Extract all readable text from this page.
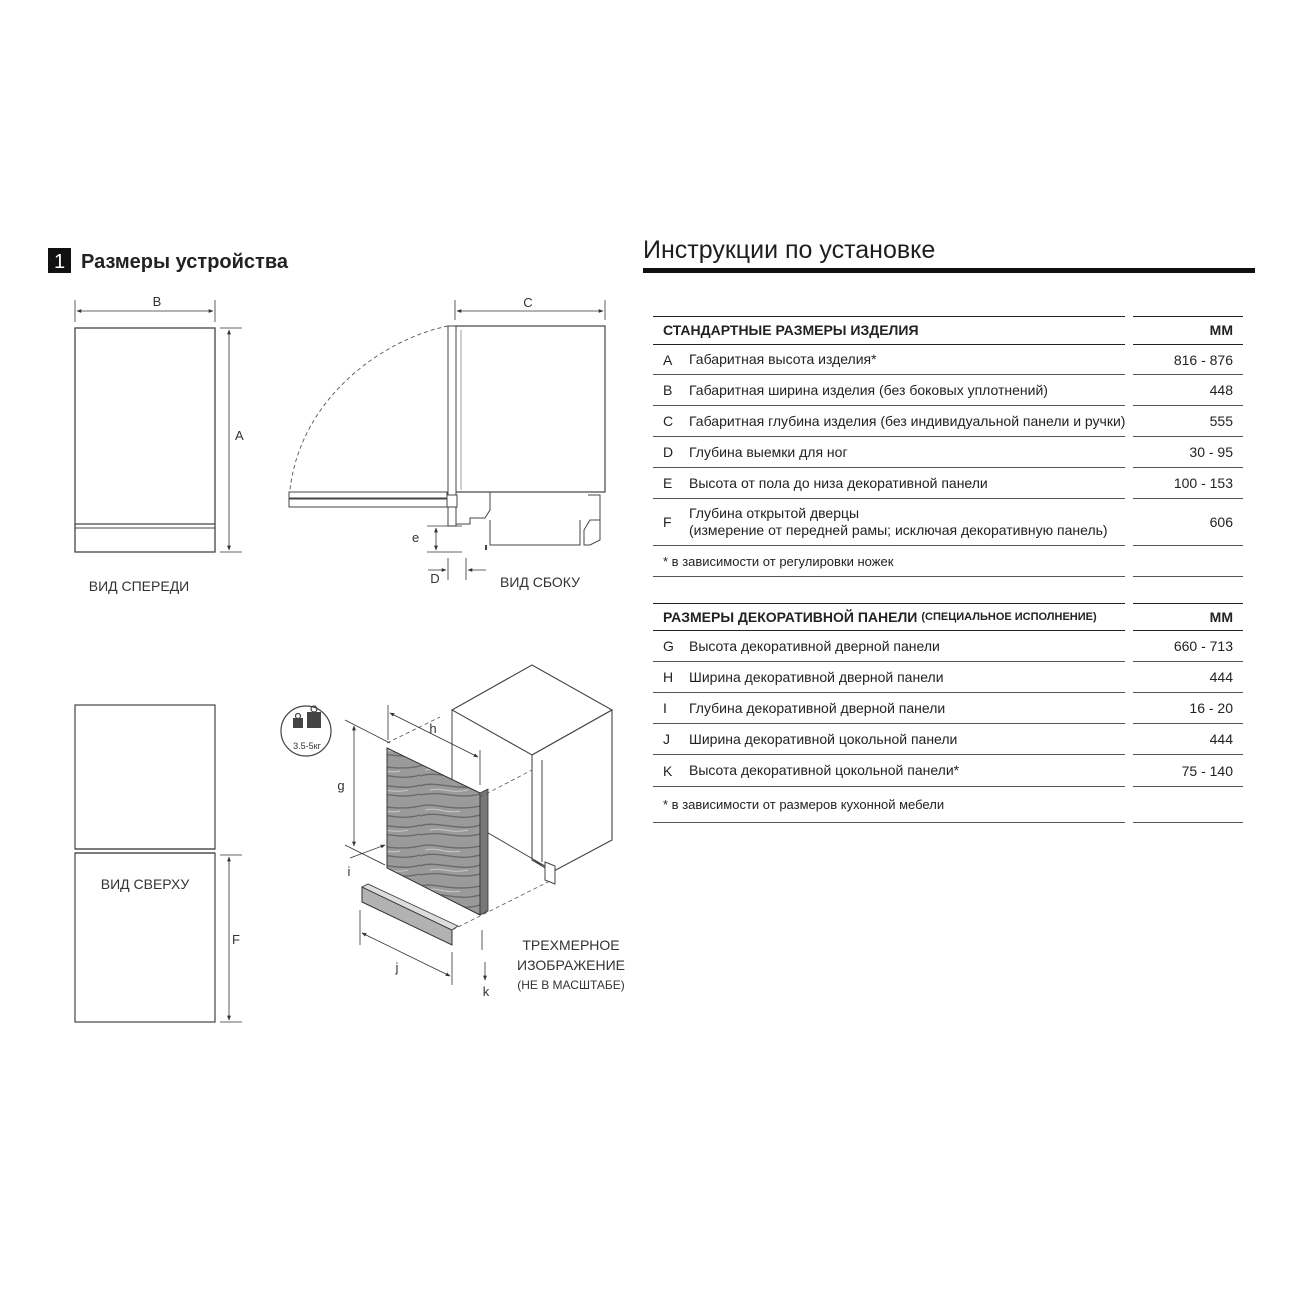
1 Размеры устройства
B
A
ВИД СПЕРЕДИ
C
e
D	ВИД СБОКУ
F
ВИД СВЕРХУ
h
g
i
j
k
3.5-5кг
ТРЕХМЕРНОЕ
ИЗОБРАЖЕНИЕ
(НЕ В МАСШТАБЕ)
Инструкции по установке
СТАНДАРТНЫЕ РАЗМЕРЫ ИЗДЕЛИЯ	ММ
A Габаритная высота изделия*	816 - 876
B Габаритная ширина изделия (без боковых уплотнений)	448
C Габаритная глубина изделия (без индивидуальной панели и ручки)	555
D Глубина выемки для ног	30 - 95
E Высота от пола до низа декоративной панели	100 - 153
F
Глубина открытой дверцы
(измерение от передней рамы; исключая декоративную панель)	606
* в зависимости от регулировки ножек
РАЗМЕРЫ ДЕКОРАТИВНОЙ ПАНЕЛИ (СПЕЦИАЛЬНОЕ ИСПОЛНЕНИЕ)	ММ
G Высота декоративной дверной панели	660 - 713
H Ширина декоративной дверной панели	444
I Глубина декоративной дверной панели	16 - 20
J Ширина декоративной цокольной панели	444
K Высота декоративной цокольной панели*	75 - 140
* в зависимости от размеров кухонной мебели
